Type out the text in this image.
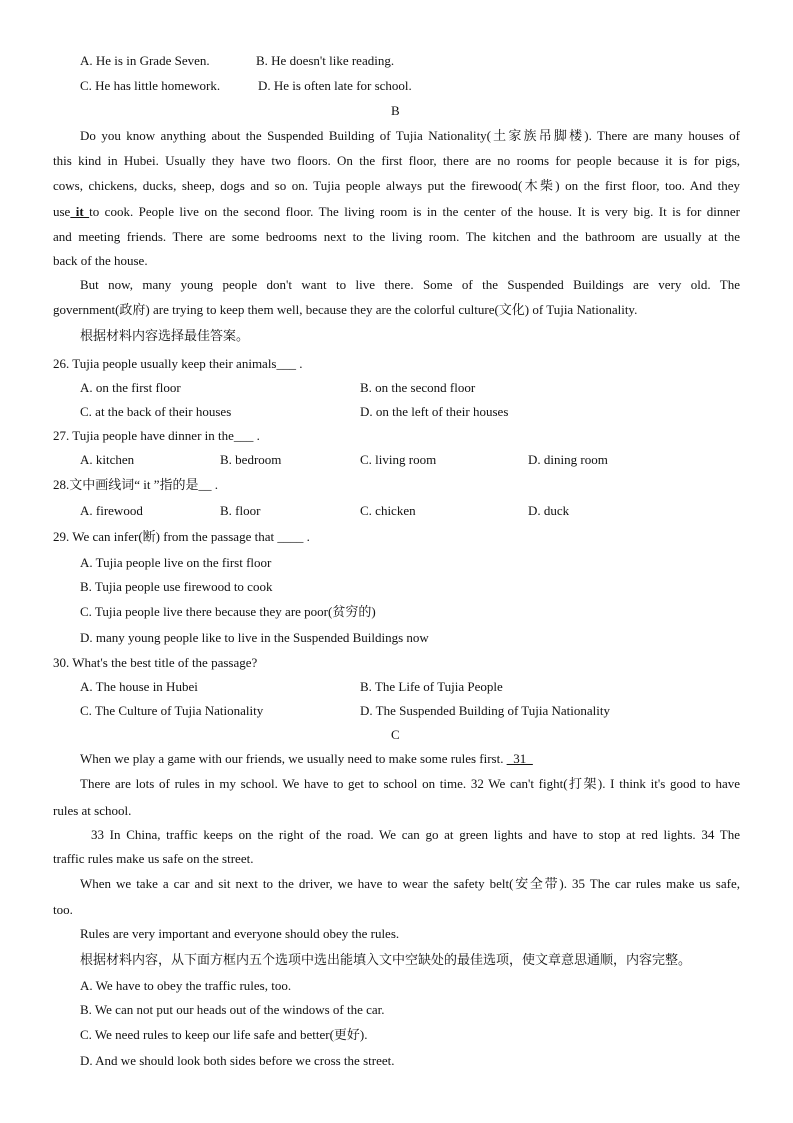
A. He is in Grade Seven.	B. He doesn't like reading.
C. He has little homework.	D. He is often late for school.
B
Do you know anything about the Suspended Building of Tujia Nationality(土家族吊脚楼). There are many houses of
this kind in Hubei. Usually they have two floors. On the first floor, there are no rooms for people because it is for pigs,
cows, chickens, ducks, sheep, dogs and so on. Tujia people always put the firewood(木柴) on the first floor, too. And they
use it to cook. People live on the second floor. The living room is in the center of the house. It is very big. It is for dinner
and meeting friends. There are some bedrooms next to the living room. The kitchen and the bathroom are usually at the
back of the house.
But now, many young people don't want to live there. Some of the Suspended Buildings are very old. The
government(政府) are trying to keep them well, because they are the colorful culture(文化) of Tujia Nationality.
根据材料内容选择最佳答案。
26. Tujia people usually keep their animals___ .
A. on the first floor	B. on the second floor
C. at the back of their houses	D. on the left of their houses
27. Tujia people have dinner in the___ .
A. kitchen	B. bedroom	C. living room	D. dining room
28.文中画线词“ it ”指的是__ .
A. firewood	B. floor	C. chicken	D. duck
29. We can infer(断) from the passage that ____ .
A. Tujia people live on the first floor
B. Tujia people use firewood to cook
C. Tujia people live there because they are poor(贫穷的)
D. many young people like to live in the Suspended Buildings now
30. What's the best title of the passage?
A. The house in Hubei	B. The Life of Tujia People
C. The Culture of Tujia Nationality	D. The Suspended Building of Tujia Nationality
C
When we play a game with our friends, we usually need to make some rules first. _31_
There are lots of rules in my school. We have to get to school on time. 32 We can't fight(打架). I think it's good to have
rules at school.
33 In China, traffic keeps on the right of the road. We can go at green lights and have to stop at red lights. 34 The
traffic rules make us safe on the street.
When we take a car and sit next to the driver, we have to wear the safety belt(安全带). 35 The car rules make us safe,
too.
Rules are very important and everyone should obey the rules.
根据材料内容，从下面方框内五个选项中选出能填入文中空缺处的最佳选项，使文章意思通顺，内容完整。
A. We have to obey the traffic rules, too.
B. We can not put our heads out of the windows of the car.
C. We need rules to keep our life safe and better(更好).
D. And we should look both sides before we cross the street.
